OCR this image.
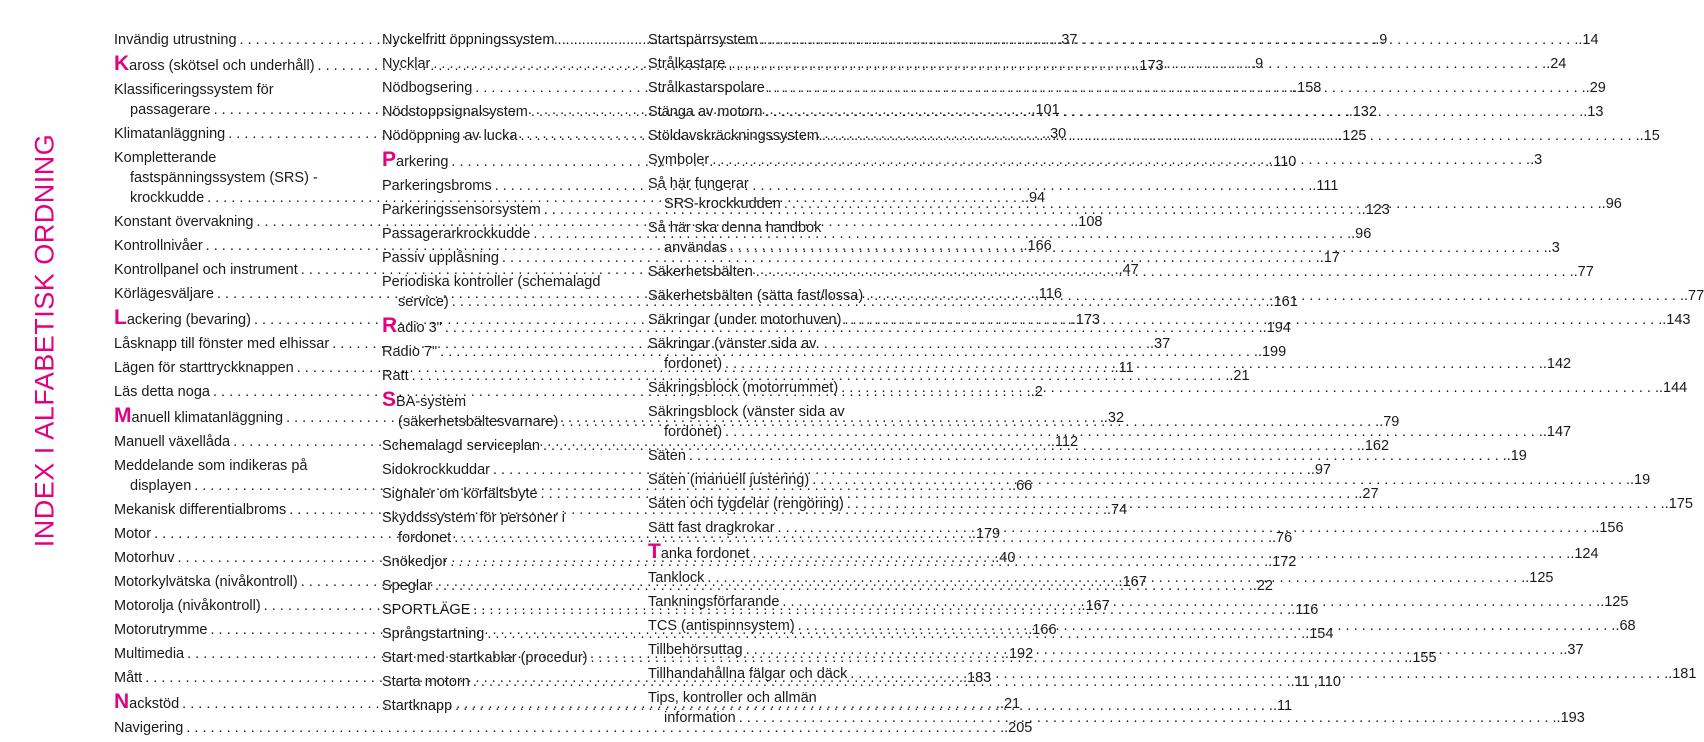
INDEX I ALFABETISK ORDNING
Invändig utrustning . . .	.37
Kaross (skötsel och underhåll) . . .	.173
Klassificeringssystem för
passagerare . . .	.101
Klimatanläggning . . .	.30
Kompletterande
fastspänningssystem (SRS) -
krockkudde . . .	.94
Konstant övervakning . . .	.108
Kontrollnivåer . . .	.166
Kontrollpanel och instrument . . .	.47
Körlägesväljare . . .	.116
Lackering (bevaring) . . .	.173
Låsknapp till fönster med elhissar . . .	.37
Lägen för starttryckknappen . . .	.11
Läs detta noga . . .	.2
Manuell klimatanläggning . . .	.32
Manuell växellåda . . .	.112
Meddelande som indikeras på
displayen . . .	.66
Mekanisk differentialbroms . . .	.74
Motor . . .	.179
Motorhuv . . .	.40
Motorkylvätska (nivåkontroll) . . .	.167
Motorolja (nivåkontroll) . . .	.167
Motorutrymme . . .	.166
Multimedia . . .	.192
Mått . . .	.183
Nackstöd . . .	.21
Navigering . . .	.205
Nyckelfritt öppningssystem . . .	.9
Nycklar . . .	.9
Nödbogsering . . .	.158
Nödstoppsignalsystem . . .	.132
Nödöppning av lucka . . .	.125
Parkering . . .	.110
Parkeringsbroms . . .	.111
Parkeringssensorsystem . . .	.123
Passagerarkrockkudde . . .	.96
Passiv upplåsning . . .	.17
Periodiska kontroller (schemalagd
service) . . .	.161
Radio 3" . . .	.194
Radio 7" . . .	.199
Ratt . . .	.21
SBA-system
(säkerhetsbältesvarnare) . . .	.79
Schemalagd serviceplan . . .	.162
Sidokrockkuddar . . .	.97
Signaler om körfältsbyte . . .	.27
Skyddssystem för personer i
fordonet . . .	.76
Snökedjor . . .	.172
Speglar . . .	.22
SPORTLÄGE . . .	.116
Språngstartning . . .	.154
Start med startkablar (procedur) . . .	.155
Starta motorn . . .	.11 ,110
Startknapp . . .	.11
Startspärrsystem . . .	.14
Strålkastare . . .	.24
Strålkastarspolare . . .	.29
Stänga av motorn . . .	.13
Stöldavskräckningssystem . . .	.15
Symboler . . .	.3
Så här fungerar
SRS-krockkudden . . .	.96
Så här ska denna handbok
användas . . .	.3
Säkerhetsbälten . . .	.77
Säkerhetsbälten (sätta fast/lossa) . . .	.77
Säkringar (under motorhuven) . . .	.143
Säkringar (vänster sida av
fordonet) . . .	.142
Säkringsblock (motorrummet) . . .	.144
Säkringsblock (vänster sida av
fordonet) . . .	.147
Säten . . .	.19
Säten (manuell justering) . . .	.19
Säten och tygdelar (rengöring) . . .	.175
Sätt fast dragkrokar . . .	.156
Tanka fordonet . . .	.124
Tanklock . . .	.125
Tankningsförfarande . . .	.125
TCS (antispinnsystem) . . .	.68
Tillbehörsuttag . . .	.37
Tillhandahållna fälgar och däck . . .	.181
Tips, kontroller och allmän
information . . .	.193
